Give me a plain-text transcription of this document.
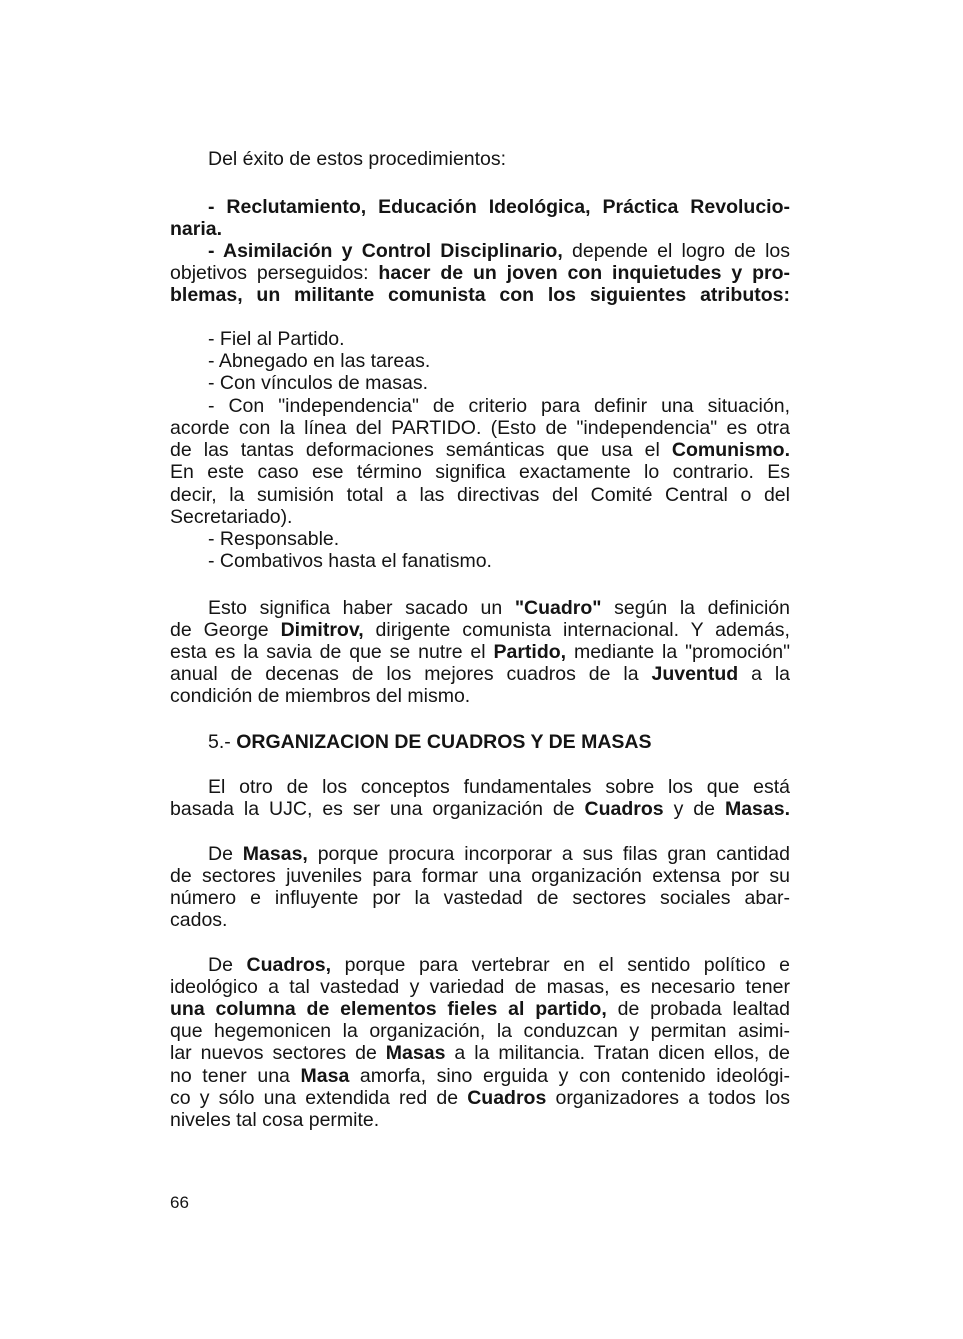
Del éxito de estos procedimientos:
- Reclutamiento, Educación Ideológica, Práctica Revolucio-
naria.
- Asimilación y Control Disciplinario, depende el logro de los
objetivos perseguidos: hacer de un joven con inquietudes y pro-
blemas, un militante comunista con los siguientes atributos:
- Fiel al Partido.
- Abnegado en las tareas.
- Con vínculos de masas.
- Con "independencia" de criterio para definir una situación,
acorde con la línea del PARTIDO. (Esto de "independencia" es otra
de las tantas deformaciones semánticas que usa el Comunismo.
En este caso ese término significa exactamente lo contrario. Es
decir, la sumisión total a las directivas del Comité Central o del
Secretariado).
- Responsable.
- Combativos hasta el fanatismo.
Esto significa haber sacado un "Cuadro" según la definición
de George Dimitrov, dirigente comunista internacional. Y además,
esta es la savia de que se nutre el Partido, mediante la "promoción"
anual de decenas de los mejores cuadros de la Juventud a la
condición de miembros del mismo.
5.- ORGANIZACION DE CUADROS Y DE MASAS
El otro de los conceptos fundamentales sobre los que está
basada la UJC, es ser una organización de Cuadros y de Masas.
De Masas, porque procura incorporar a sus filas gran cantidad
de sectores juveniles para formar una organización extensa por su
número e influyente por la vastedad de sectores sociales abar-
cados.
De Cuadros, porque para vertebrar en el sentido político e
ideológico a tal vastedad y variedad de masas, es necesario tener
una columna de elementos fieles al partido, de probada lealtad
que hegemonicen la organización, la conduzcan y permitan asimi-
lar nuevos sectores de Masas a la militancia. Tratan dicen ellos, de
no tener una Masa amorfa, sino erguida y con contenido ideológi-
co y sólo una extendida red de Cuadros organizadores a todos los
niveles tal cosa permite.
66
